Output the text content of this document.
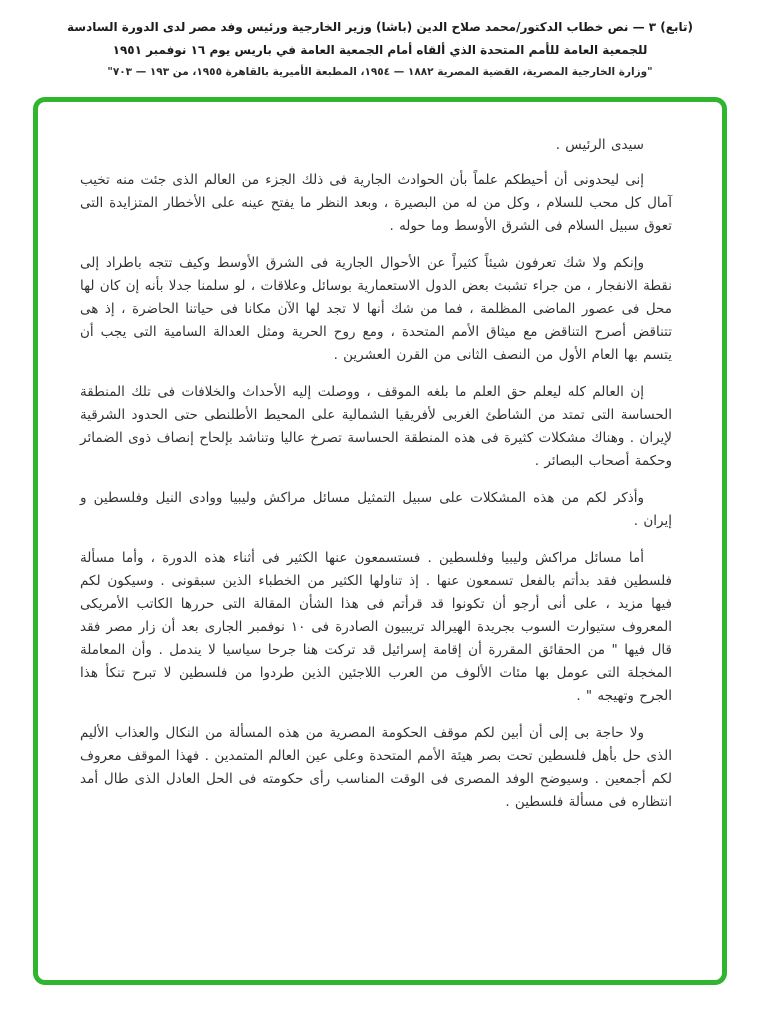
(تابع) ٣ — نص خطاب الدكتور/محمد صلاح الدين (باشا) وزير الخارجية ورئيس وفد مصر لدى الدورة السادسة
للجمعية العامة للأمم المتحدة الذي ألقاه أمام الجمعية العامة في باريس يوم ١٦ نوفمبر ١٩٥١
"وزارة الخارجية المصرية، القضية المصرية ١٨٨٢ — ١٩٥٤، المطبعة الأميرية بالقاهرة ١٩٥٥، من ١٩٣ — ٧٠٣"

سيدى الرئيس .

إنى ليحدونى أن أحيطكم علماً بأن الحوادث الجارية فى ذلك الجزء من العالم الذى جئت منه تخيب آمال كل محب للسلام ، وكل من له من البصيرة ، وبعد النظر ما يفتح عينه على الأخطار المتزايدة التى تعوق سبيل السلام فى الشرق الأوسط وما حوله .

وإنكم ولا شك تعرفون شيئاً كثيراً عن الأحوال الجارية فى الشرق الأوسط وكيف تتجه باطراد إلى نقطة الانفجار ، من جراء تشبث بعض الدول الاستعمارية بوسائل وعلاقات ، لو سلمنا جدلا بأنه إن كان لها محل فى عصور الماضى المظلمة ، فما من شك أنها لا تجد لها الآن مكانا فى حياتنا الحاضرة ، إذ هى تتناقض أصرح التناقض مع ميثاق الأمم المتحدة ، ومع روح الحرية ومثل العدالة السامية التى يجب أن يتسم بها العام الأول من النصف الثانى من القرن العشرين .

إن العالم كله ليعلم حق العلم ما بلغه الموقف ، ووصلت إليه الأحداث والخلافات فى تلك المنطقة الحساسة التى تمتد من الشاطئ الغربى لأفريقيا الشمالية على المحيط الأطلنطى حتى الحدود الشرقية لإيران . وهناك مشكلات كثيرة فى هذه المنطقة الحساسة تصرخ عاليا وتناشد بإلحاح إنصاف ذوى الضمائر وحكمة أصحاب البصائر .

وأذكر لكم من هذه المشكلات على سبيل التمثيل مسائل مراكش وليبيا ووادى النيل وفلسطين و إيران .

أما مسائل مراكش وليبيا وفلسطين . فستسمعون عنها الكثير فى أثناء هذه الدورة ، وأما مسألة فلسطين فقد بدأتم بالفعل تسمعون عنها . إذ تناولها الكثير من الخطباء الذين سبقونى . وسيكون لكم فيها مزيد ، على أنى أرجو أن تكونوا قد قرأتم فى هذا الشأن المقالة التى حررها الكاتب الأمريكى المعروف ستيوارت السوب بجريدة الهيرالد تريبيون الصادرة فى ١٠ نوفمبر الجارى بعد أن زار مصر فقد قال فيها " من الحقائق المقررة أن إقامة إسرائيل قد تركت هنا جرحا سياسيا لا يندمل . وأن المعاملة المخجلة التى عومل بها مئات الألوف من العرب اللاجئين الذين طردوا من فلسطين لا تبرح تنكأ هذا الجرح وتهيجه " .

ولا حاجة بى إلى أن أبين لكم موقف الحكومة المصرية من هذه المسألة من النكال والعذاب الأليم الذى حل بأهل فلسطين تحت بصر هيئة الأمم المتحدة وعلى عين العالم المتمدين . فهذا الموقف معروف لكم أجمعين . وسيوضح الوفد المصرى فى الوقت المناسب رأى حكومته فى الحل العادل الذى طال أمد انتظاره فى مسألة فلسطين .
